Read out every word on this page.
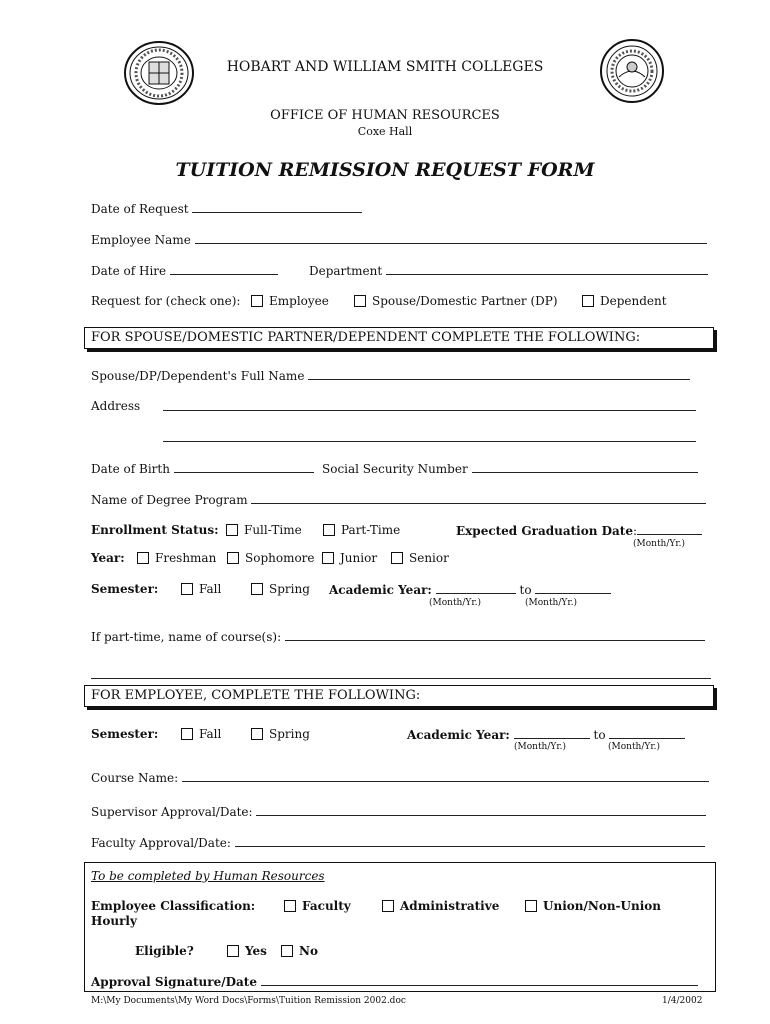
HOBART AND WILLIAM SMITH COLLEGES
OFFICE OF HUMAN RESOURCES
Coxe Hall
TUITION REMISSION REQUEST FORM
Date of Request
Employee Name
Date of Hire	Department
Request for (check one):	Employee	Spouse/Domestic Partner (DP)	Dependent
FOR SPOUSE/DOMESTIC PARTNER/DEPENDENT COMPLETE THE FOLLOWING:
Spouse/DP/Dependent's Full Name
Address
Date of Birth	Social Security Number
Name of Degree Program
Enrollment Status:	Full-Time	Part-Time	Expected Graduation Date:
(Month/Yr.)
Year:	Freshman	Sophomore	Junior	Senior
Semester:	Fall	Spring Academic Year:	to
(Month/Yr.)	(Month/Yr.)
If part-time, name of course(s):
FOR EMPLOYEE, COMPLETE THE FOLLOWING:
Semester:	Fall	Spring	Academic Year:	to
(Month/Yr.)	(Month/Yr.)
Course Name:
Supervisor Approval/Date:
Faculty Approval/Date:
To be completed by Human Resources
Employee Classification:	Faculty	Administrative	Union/Non-Union
Hourly
Eligible?	Yes	No
Approval Signature/Date
M:\My Documents\My Word Docs\Forms\Tuition Remission 2002.doc	1/4/2002
